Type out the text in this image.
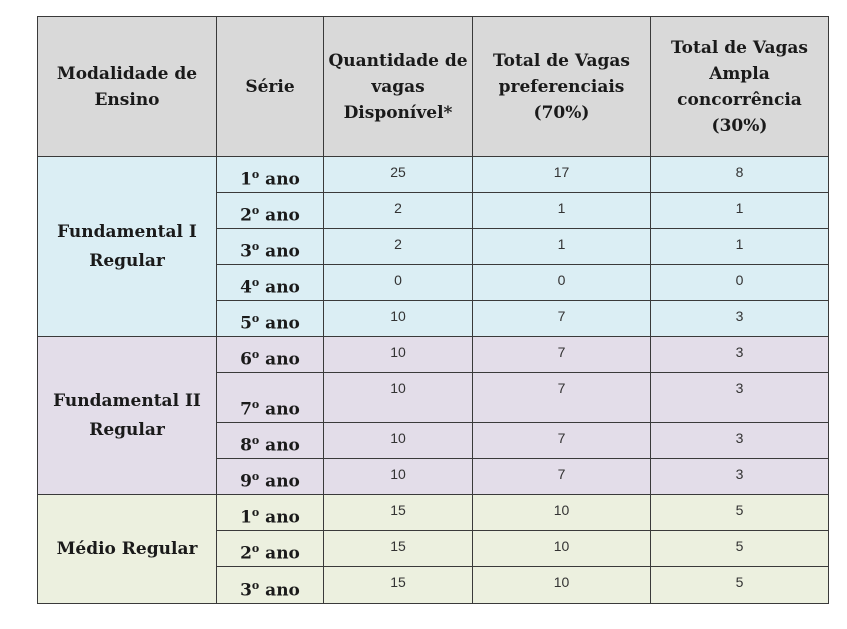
Modalidade de Ensino	Série	Quantidade de vagas Disponível*	Total de Vagas preferenciais (70%)	Total de Vagas Ampla concorrência (30%)
Fundamental I Regular	1$^o$ ano	25	17	8
	2$^o$ ano	2	1	1
	3$^o$ ano	2	1	1
	4$^o$ ano	0	0	0
	5$^o$ ano	10	7	3
Fundamental II Regular	6$^o$ ano	10	7	3
	7$^o$ ano	10	7	3
	8$^o$ ano	10	7	3
	9$^o$ ano	10	7	3
Médio Regular	1$^o$ ano	15	10	5
	2$^o$ ano	15	10	5
	3$^o$ ano	15	10	5
